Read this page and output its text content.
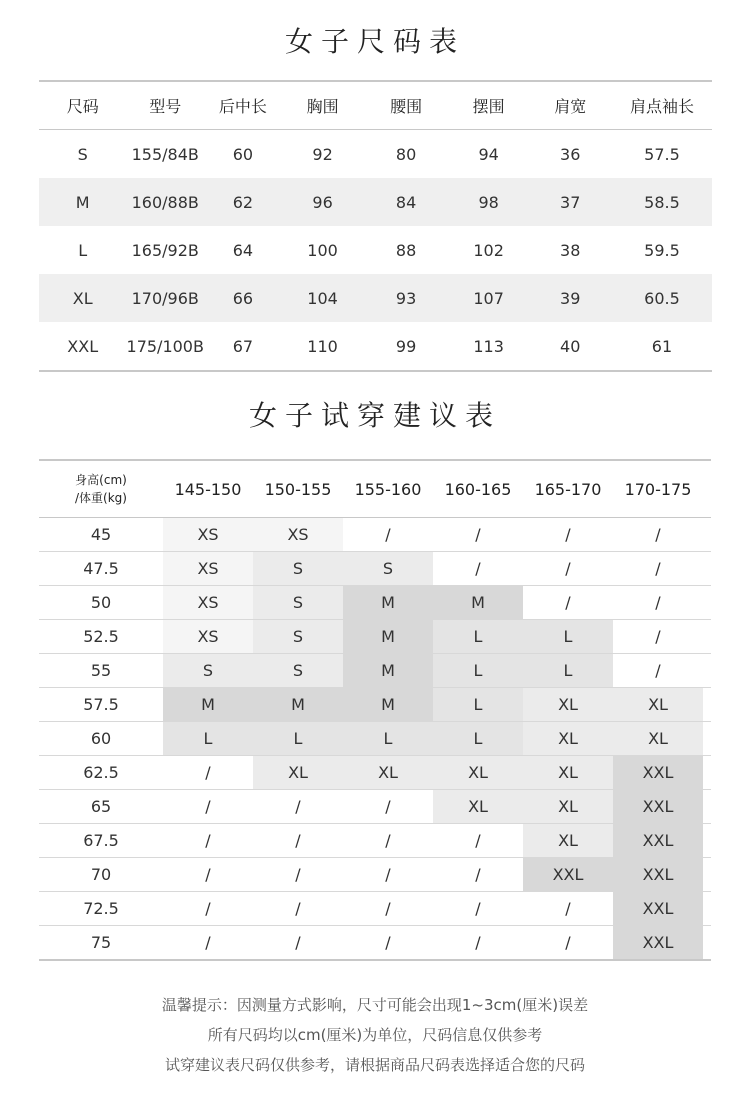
女子尺码表
尺码	型号	后中长	胸围	腰围	摆围	肩宽	肩点袖长
S	155/84B	60	92	80	94	36	57.5
M	160/88B	62	96	84	98	37	58.5
L	165/92B	64	100	88	102	38	59.5
XL	170/96B	66	104	93	107	39	60.5
XXL	175/100B	67	110	99	113	40	61
女子试穿建议表
身高(cm)
/体重(kg)	145-150	150-155	155-160	160-165	165-170	170-175
45	XS	XS	/	/	/	/
47.5	XS	S	S	/	/	/
50	XS	S	M	M	/	/
52.5	XS	S	M	L	L	/
55	S	S	M	L	L	/
57.5	M	M	M	L	XL	XL
60	L	L	L	L	XL	XL
62.5	/	XL	XL	XL	XL	XXL
65	/	/	/	XL	XL	XXL
67.5	/	/	/	/	XL	XXL
70	/	/	/	/	XXL	XXL
72.5	/	/	/	/	/	XXL
75	/	/	/	/	/	XXL
温馨提示：因测量方式影响，尺寸可能会出现1~3cm(厘米)误差
所有尺码均以cm(厘米)为单位，尺码信息仅供参考
试穿建议表尺码仅供参考，请根据商品尺码表选择适合您的尺码
